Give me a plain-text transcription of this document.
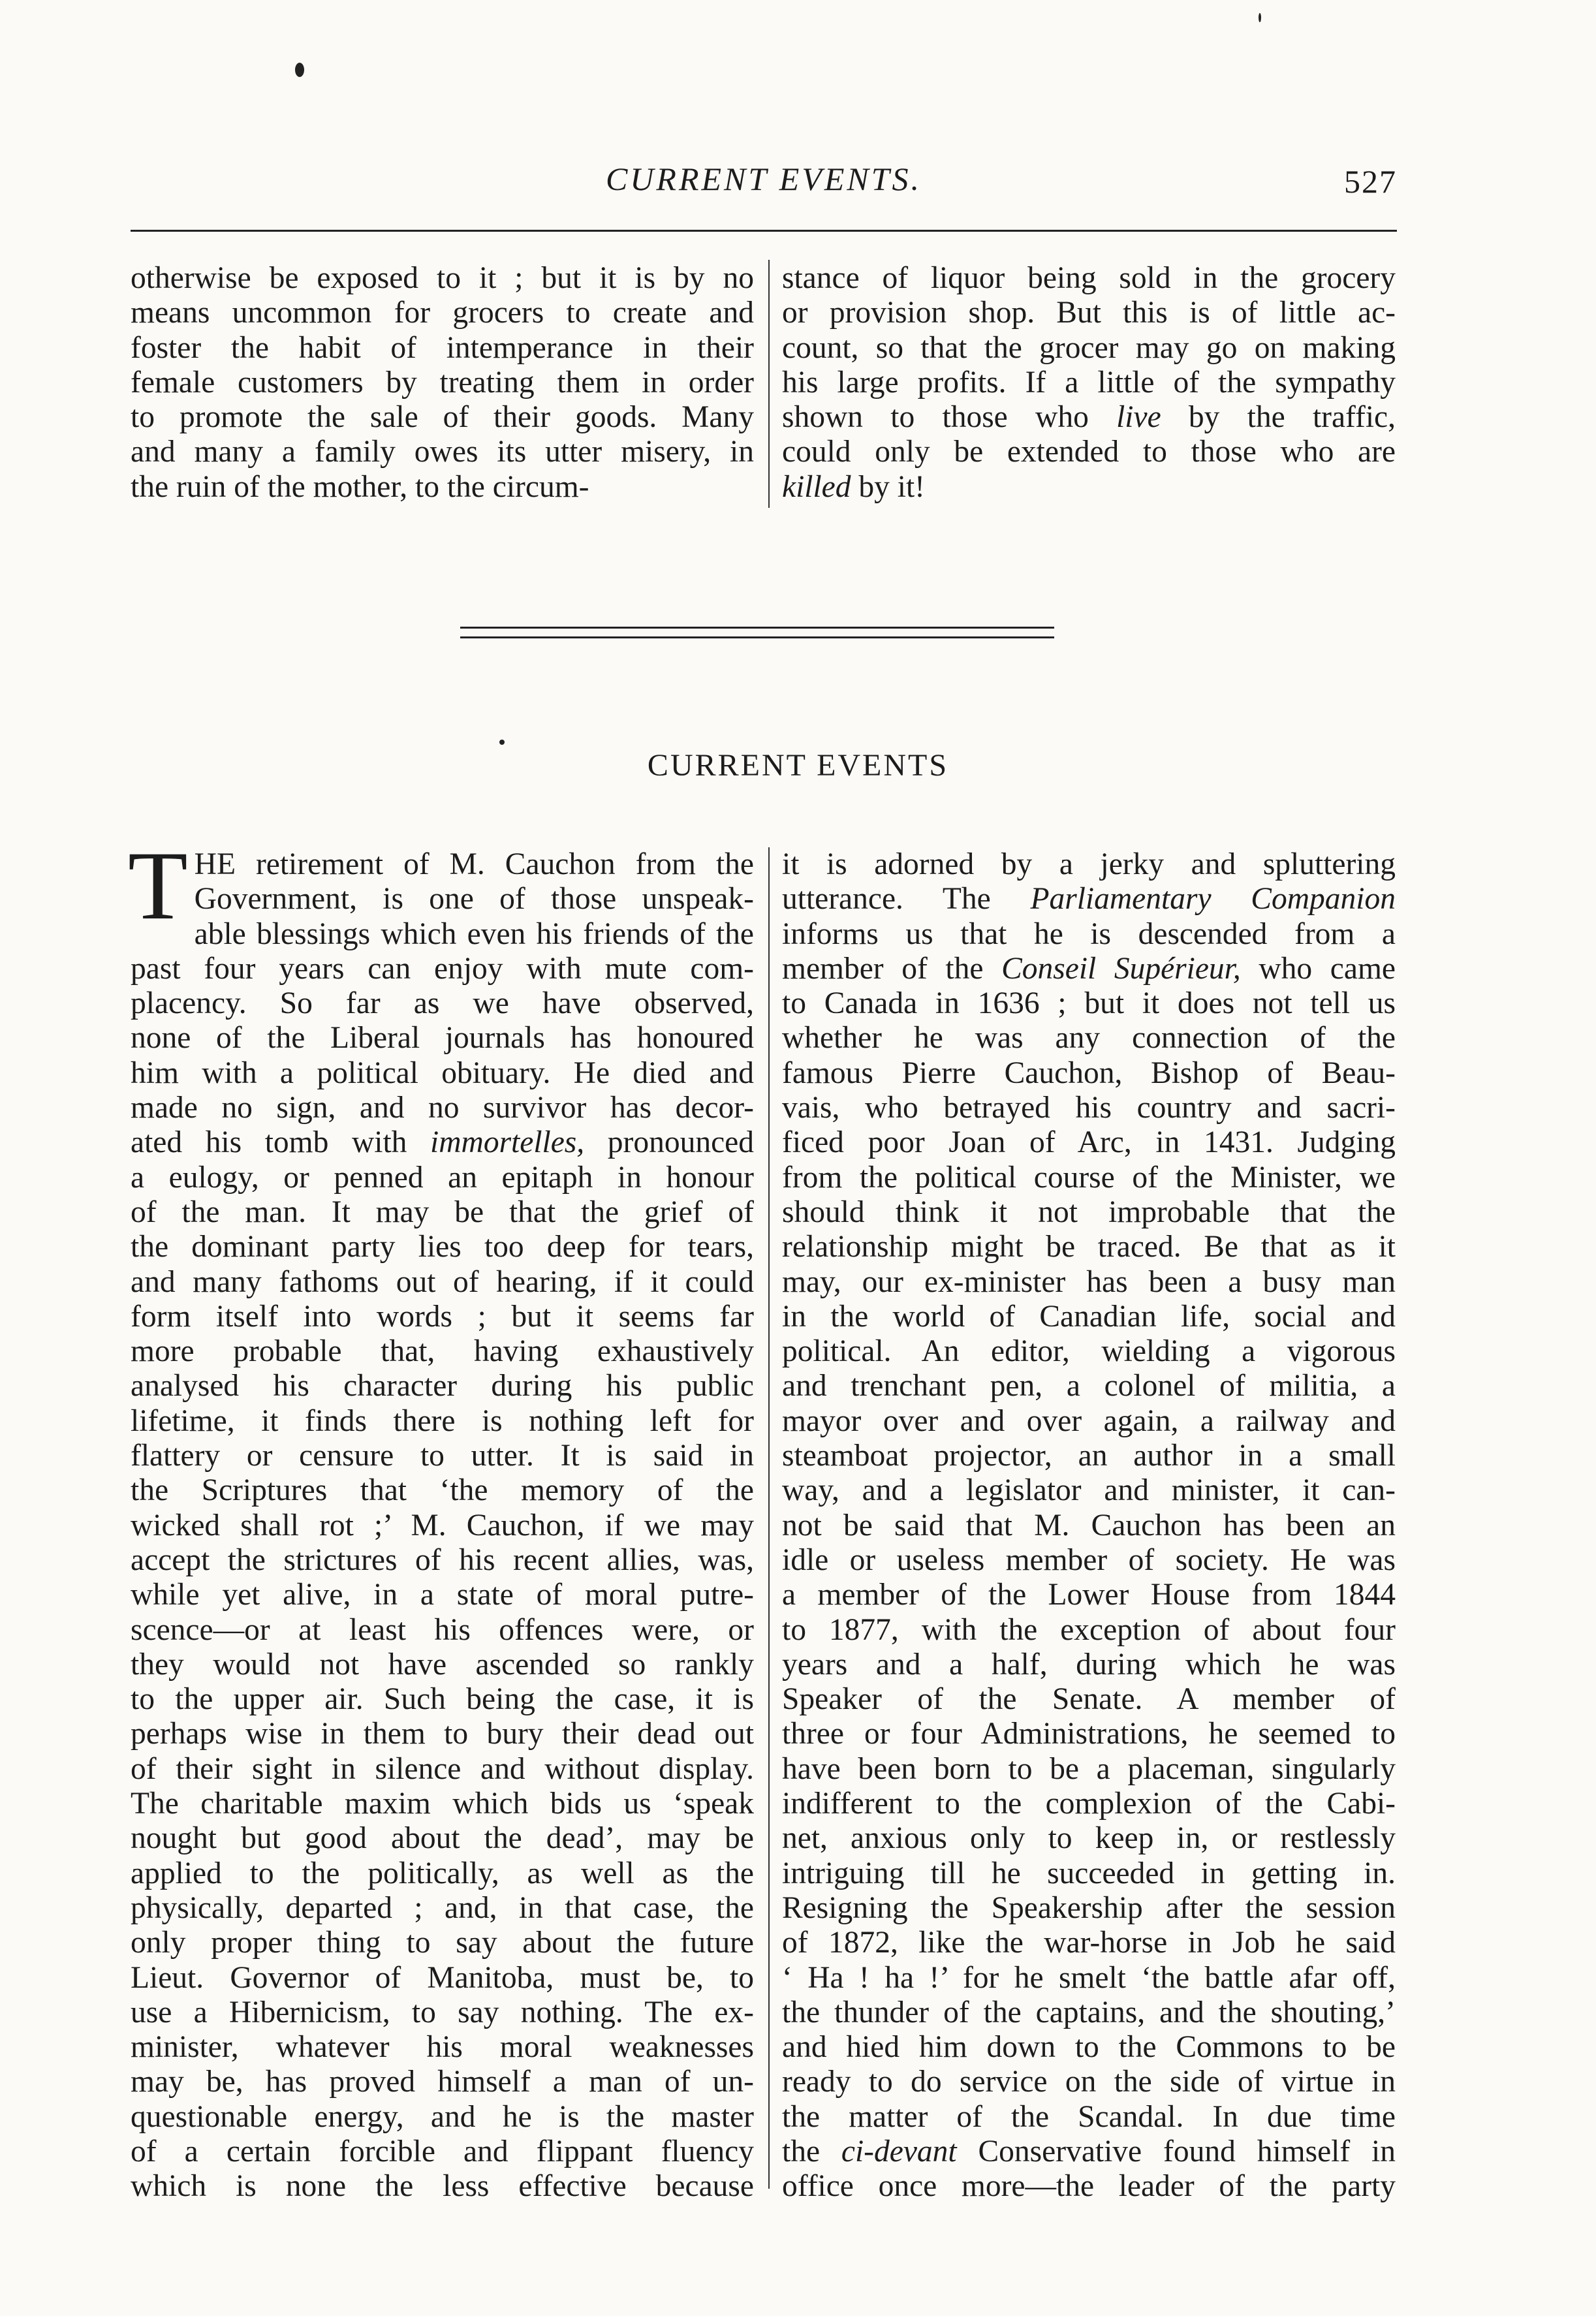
CURRENT EVENTS.	527
otherwise be exposed to it ; but it is by no
means uncommon for grocers to create and
foster the habit of intemperance in their
female customers by treating them in order
to promote the sale of their goods. Many
and many a family owes its utter misery, in
the ruin of the mother, to the circum-
stance of liquor being sold in the grocery
or provision shop. But this is of little ac-
count, so that the grocer may go on making
his large profits. If a little of the sympathy
shown to those who live by the traffic,
could only be extended to those who are
killed by it!
CURRENT EVENTS
T HE retirement of M. Cauchon from the
Government, is one of those unspeak-
able blessings which even his friends of the
past four years can enjoy with mute com-
placency. So far as we have observed,
none of the Liberal journals has honoured
him with a political obituary. He died and
made no sign, and no survivor has decor-
ated his tomb with immortelles, pronounced
a eulogy, or penned an epitaph in honour
of the man. It may be that the grief of
the dominant party lies too deep for tears,
and many fathoms out of hearing, if it could
form itself into words ; but it seems far
more probable that, having exhaustively
analysed his character during his public
lifetime, it finds there is nothing left for
flattery or censure to utter. It is said in
the Scriptures that ‘the memory of the
wicked shall rot ;’ M. Cauchon, if we may
accept the strictures of his recent allies, was,
while yet alive, in a state of moral putre-
scence—or at least his offences were, or
they would not have ascended so rankly
to the upper air. Such being the case, it is
perhaps wise in them to bury their dead out
of their sight in silence and without display.
The charitable maxim which bids us ‘speak
nought but good about the dead’, may be
applied to the politically, as well as the
physically, departed ; and, in that case, the
only proper thing to say about the future
Lieut. Governor of Manitoba, must be, to
use a Hibernicism, to say nothing. The ex-
minister, whatever his moral weaknesses
may be, has proved himself a man of un-
questionable energy, and he is the master
of a certain forcible and flippant fluency
which is none the less effective because
it is adorned by a jerky and spluttering
utterance. The Parliamentary Companion
informs us that he is descended from a
member of the Conseil Supérieur, who came
to Canada in 1636 ; but it does not tell us
whether he was any connection of the
famous Pierre Cauchon, Bishop of Beau-
vais, who betrayed his country and sacri-
ficed poor Joan of Arc, in 1431. Judging
from the political course of the Minister, we
should think it not improbable that the
relationship might be traced. Be that as it
may, our ex-minister has been a busy man
in the world of Canadian life, social and
political. An editor, wielding a vigorous
and trenchant pen, a colonel of militia, a
mayor over and over again, a railway and
steamboat projector, an author in a small
way, and a legislator and minister, it can-
not be said that M. Cauchon has been an
idle or useless member of society. He was
a member of the Lower House from 1844
to 1877, with the exception of about four
years and a half, during which he was
Speaker of the Senate. A member of
three or four Administrations, he seemed to
have been born to be a placeman, singularly
indifferent to the complexion of the Cabi-
net, anxious only to keep in, or restlessly
intriguing till he succeeded in getting in.
Resigning the Speakership after the session
of 1872, like the war-horse in Job he said
‘ Ha ! ha !’ for he smelt ‘the battle afar off,
the thunder of the captains, and the shouting,’
and hied him down to the Commons to be
ready to do service on the side of virtue in
the matter of the Scandal. In due time
the ci-devant Conservative found himself in
office once more—the leader of the party
